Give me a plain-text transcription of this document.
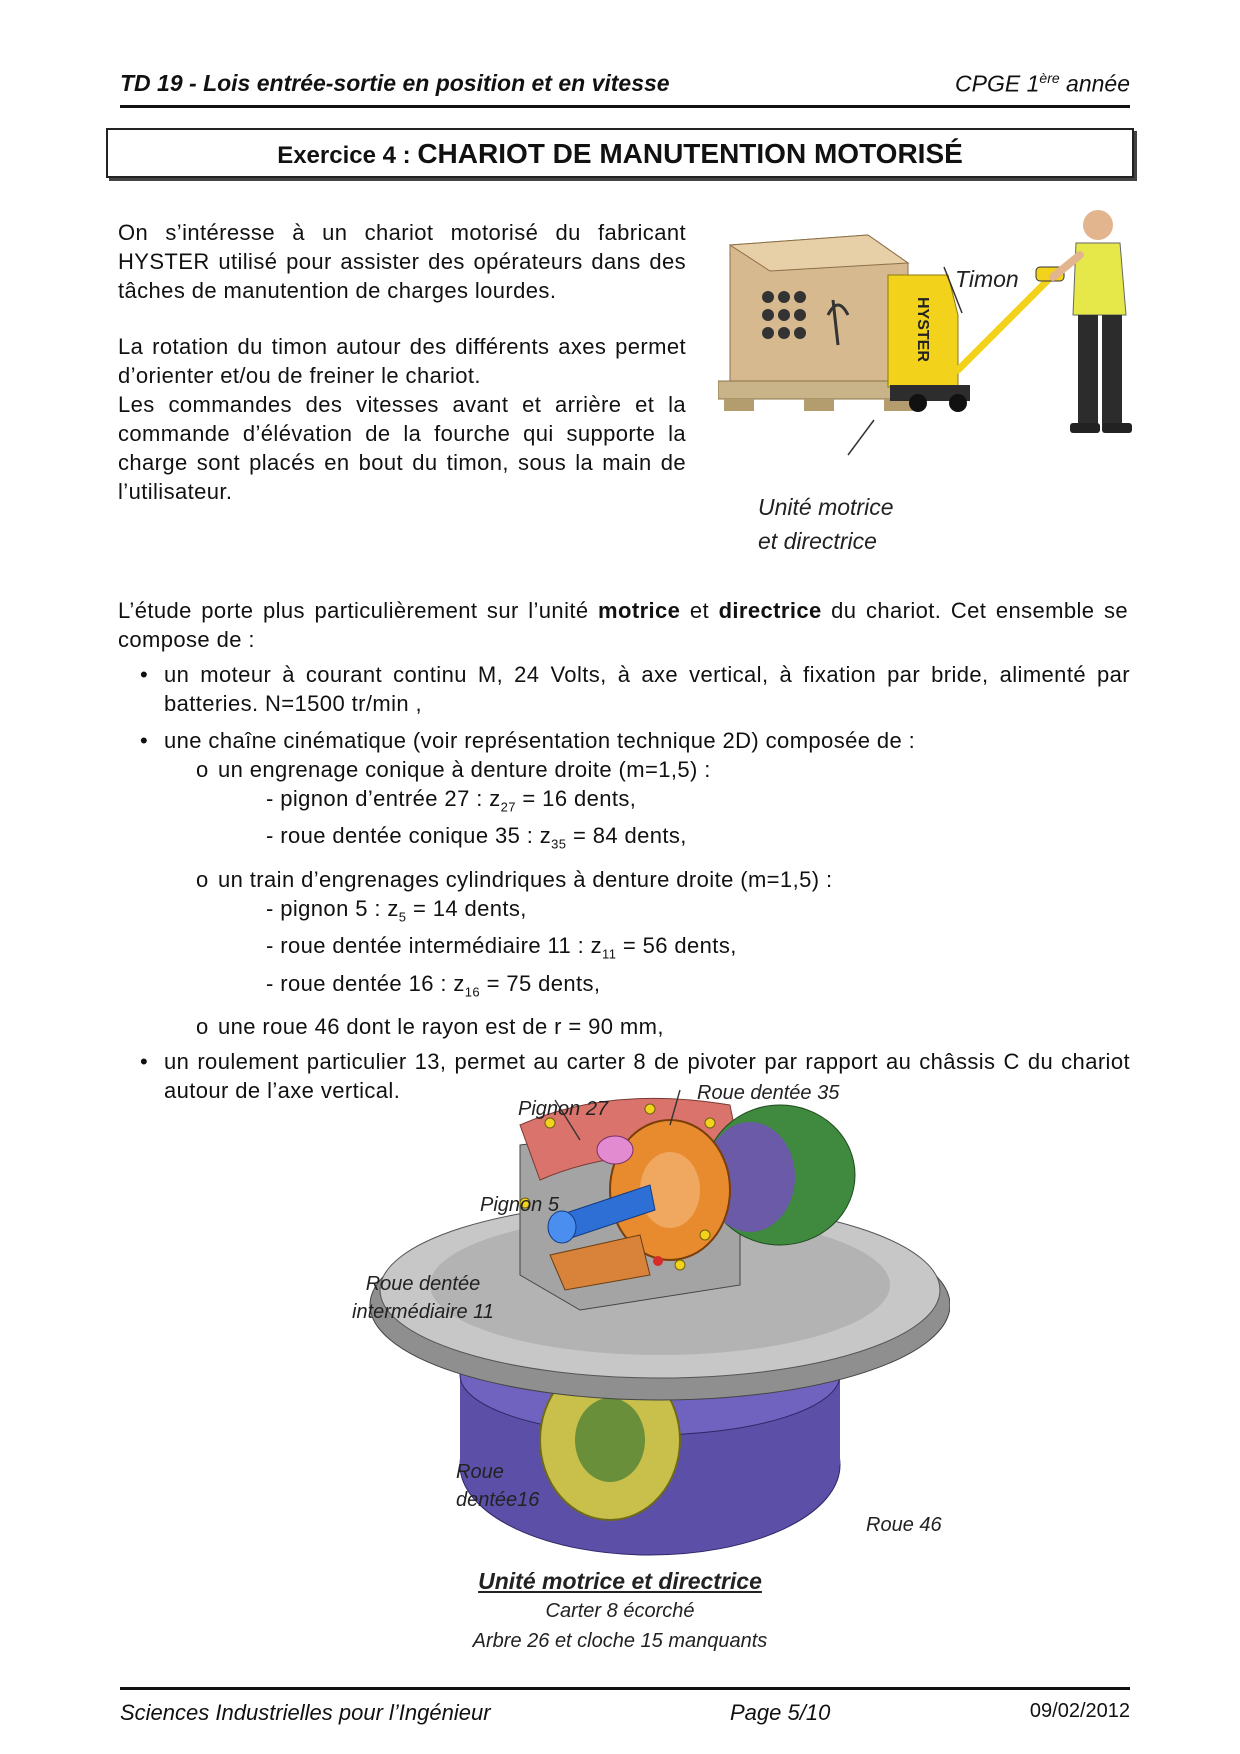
TD 19 - Lois entrée-sortie en position et en vitesse	CPGE 1ère année
Exercice 4 : CHARIOT DE MANUTENTION MOTORISÉ
On s’intéresse à un chariot motorisé du fabricant HYSTER utilisé pour assister des opérateurs dans des tâches de manutention de charges lourdes.
La rotation du timon autour des différents axes permet d’orienter et/ou de freiner le chariot.
Les commandes des vitesses avant et arrière et la commande d’élévation de la fourche qui supporte la charge sont placés en bout du timon, sous la main de l’utilisateur.
HYSTER
Timon
Unité motrice
et directrice
L’étude porte plus particulièrement sur l’unité motrice et directrice du chariot. Cet ensemble se compose de :
• un moteur à courant continu M, 24 Volts, à axe vertical, à fixation par bride, alimenté par batteries. N=1500 tr/min ,
• une chaîne cinématique (voir représentation technique 2D) composée de :
o un engrenage conique à denture droite (m=1,5) :
- pignon d’entrée 27 : $z_{27} = 16$ dents,
- roue dentée conique 35 : $z_{35} = 84$ dents,
o un train d’engrenages cylindriques à denture droite (m=1,5) :
- pignon 5 : $z_5 = 14$ dents,
- roue dentée intermédiaire 11 : $z_{11} = 56$ dents,
- roue dentée 16 : $z_{16} = 75$ dents,
o une roue 46 dont le rayon est de r = 90 mm,
• un roulement particulier 13, permet au carter 8 de pivoter par rapport au châssis C du chariot autour de l’axe vertical.
Pignon 27
Roue dentée 35
Pignon 5
Roue dentée
intermédiaire 11
Roue
dentée16
Roue 46
Unité motrice et directrice
Carter 8 écorché
Arbre 26 et cloche 15 manquants
Sciences Industrielles pour l’Ingénieur	Page 5/10	09/02/2012
